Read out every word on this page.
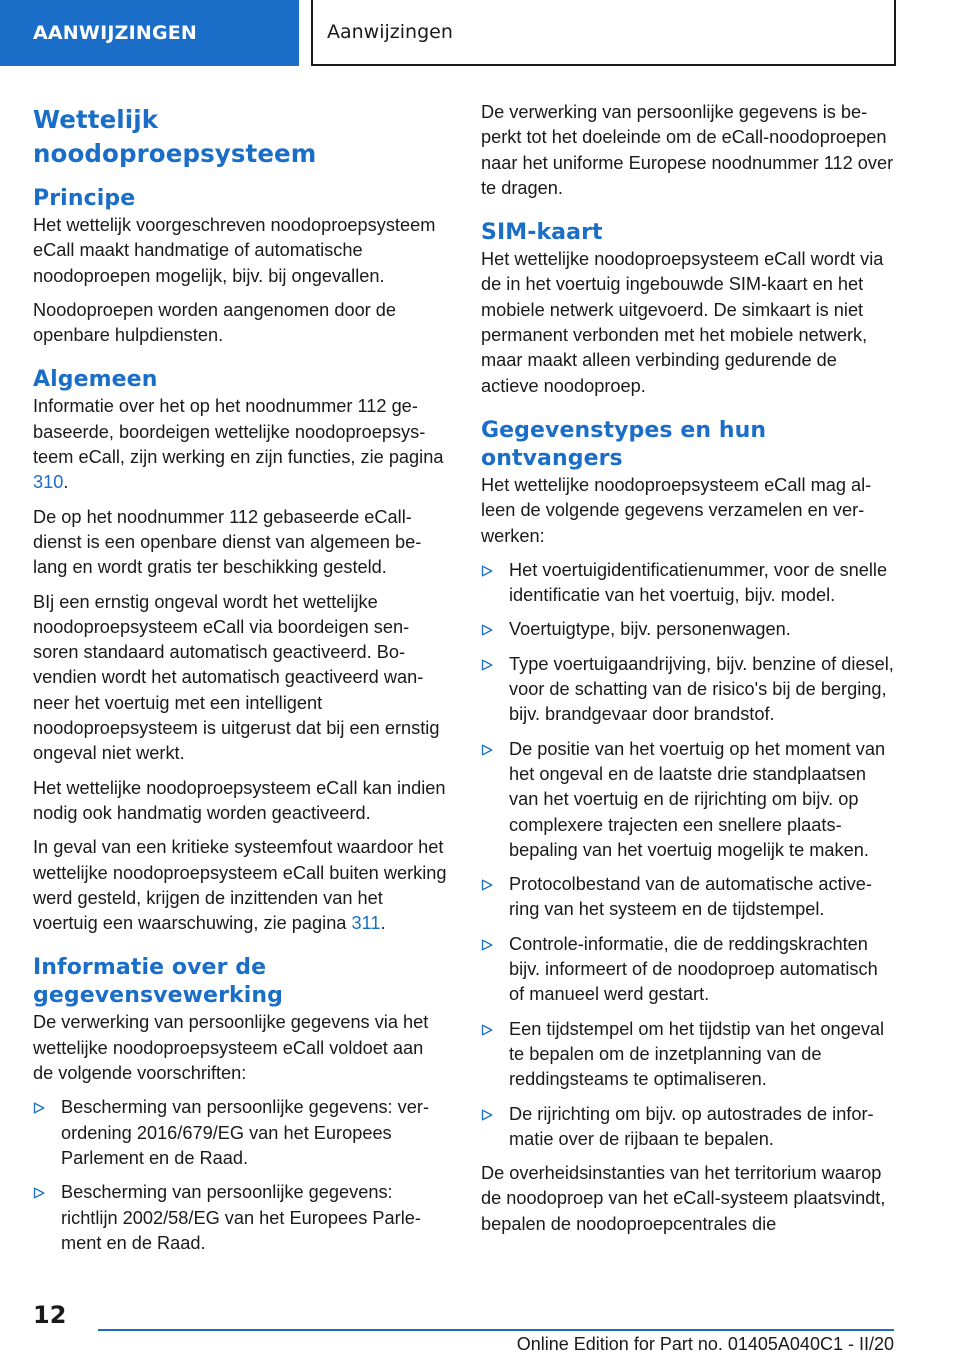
AANWIJZINGEN	Aanwijzingen
Wettelijk noodoproepsysteem
Principe

Het wettelijk voorgeschreven noodoproepsysteem eCall maakt handmatige of automatische noodoproepen mogelijk, bijv. bij ongevallen.

Noodoproepen worden aangenomen door de openbare hulpdiensten.

Algemeen

Informatie over het op het noodnummer 112 gebaseerde, boordeigen wettelijke noodoproepsysteem eCall, zijn werking en zijn functies, zie pagina 310.

De op het noodnummer 112 gebaseerde eCall-dienst is een openbare dienst van algemeen belang en wordt gratis ter beschikking gesteld.

BIj een ernstig ongeval wordt het wettelijke noodoproepsysteem eCall via boordeigen sensoren standaard automatisch geactiveerd. Bovendien wordt het automatisch geactiveerd wanneer het voertuig met een intelligent noodoproepsysteem is uitgerust dat bij een ernstig ongeval niet werkt.

Het wettelijke noodoproepsysteem eCall kan indien nodig ook handmatig worden geactiveerd.

In geval van een kritieke systeemfout waardoor het wettelijke noodoproepsysteem eCall buiten werking werd gesteld, krijgen de inzittenden van het voertuig een waarschuwing, zie pagina 311.

Informatie over de
gegevensvewerking

De verwerking van persoonlijke gegevens via het wettelijke noodoproepsysteem eCall voldoet aan de volgende voorschriften:

Bescherming van persoonlijke gegevens: verordening 2016/679/EG van het Europees Parlement en de Raad.
Bescherming van persoonlijke gegevens: richtlijn 2002/58/EG van het Europees Parlement en de Raad.

De verwerking van persoonlijke gegevens is beperkt tot het doeleinde om de eCall-noodoproepen naar het uniforme Europese noodnummer 112 over te dragen.

SIM-kaart

Het wettelijke noodoproepsysteem eCall wordt via de in het voertuig ingebouwde SIM-kaart en het mobiele netwerk uitgevoerd. De simkaart is niet permanent verbonden met het mobiele netwerk, maar maakt alleen verbinding gedurende de actieve noodoproep.

Gegevenstypes en hun ontvangers

Het wettelijke noodoproepsysteem eCall mag alleen de volgende gegevens verzamelen en verwerken:

Het voertuigidentificatienummer, voor de snelle identificatie van het voertuig, bijv. model.
Voertuigtype, bijv. personenwagen.
Type voertuigaandrijving, bijv. benzine of diesel, voor de schatting van de risico's bij de berging, bijv. brandgevaar door brandstof.
De positie van het voertuig op het moment van het ongeval en de laatste drie standplaatsen van het voertuig en de rijrichting om bijv. op complexere trajecten een snellere plaatsbepaling van het voertuig mogelijk te maken.
Protocolbestand van de automatische activering van het systeem en de tijdstempel.
Controle-informatie, die de reddingskrachten bijv. informeert of de noodoproep automatisch of manueel werd gestart.
Een tijdstempel om het tijdstip van het ongeval te bepalen om de inzetplanning van de reddingsteams te optimaliseren.
De rijrichting om bijv. op autostrades de informatie over de rijbaan te bepalen.

De overheidsinstanties van het territorium waarop de noodoproep van het eCall-systeem plaatsvindt, bepalen de noodoproepcentrales die

12
Online Edition for Part no. 01405A040C1 - II/20
